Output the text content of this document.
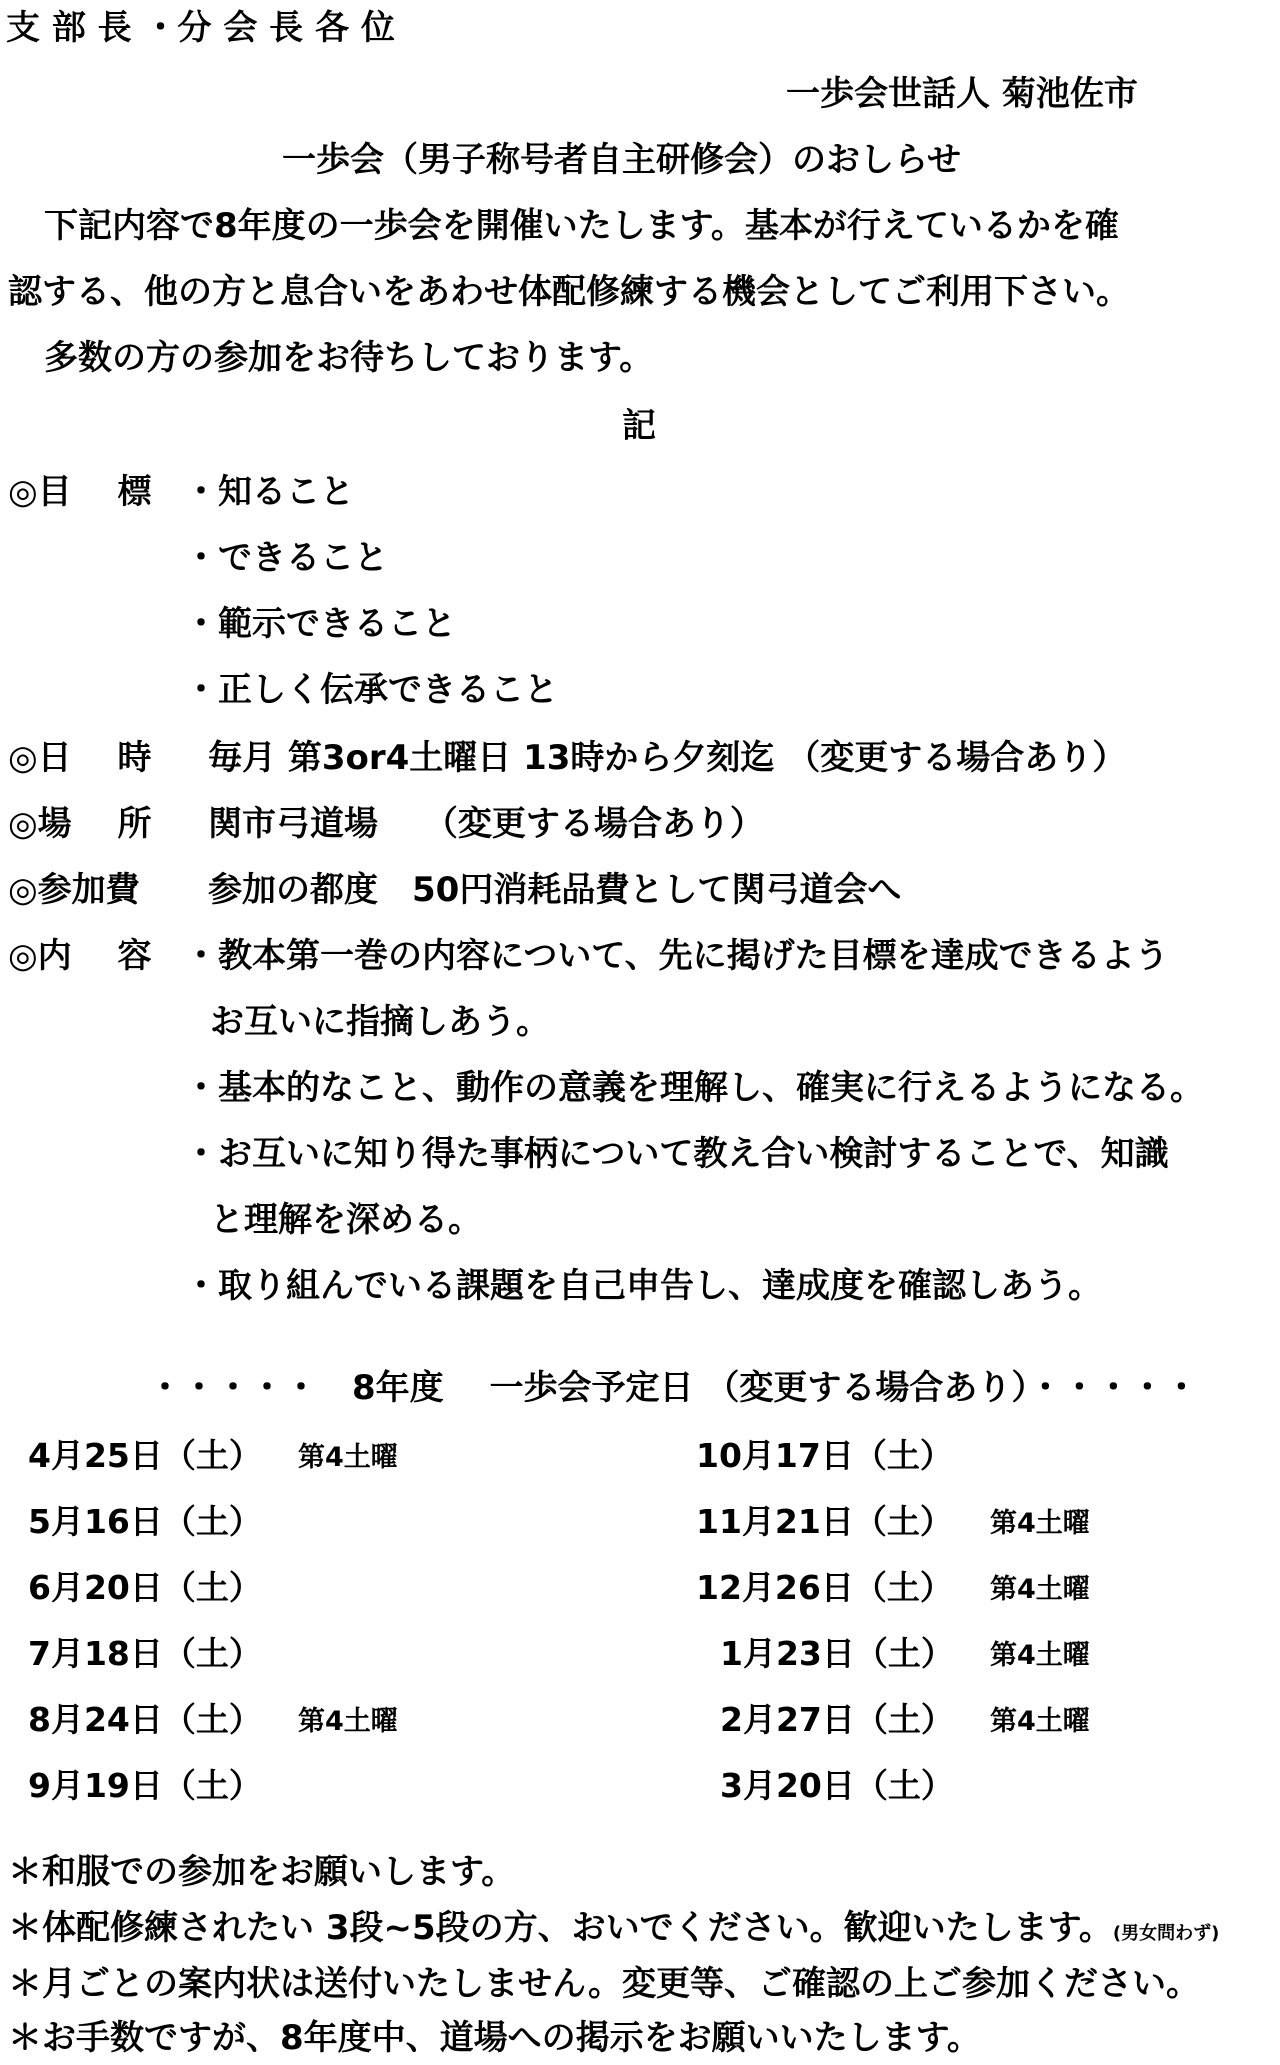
支 部 長 ・分 会 長 各 位
一歩会世話人 菊池佐市
一歩会（男子称号者自主研修会）のおしらせ
下記内容で8年度の一歩会を開催いたします。基本が行えているかを確
認する、他の方と息合いをあわせ体配修練する機会としてご利用下さい。
多数の方の参加をお待ちしております。
記
◎目　 標 ・知ること
・できること
・範示できること
・正しく伝承できること
◎日　 時 毎月 第3or4土曜日 13時から夕刻迄 （変更する場合あり）
◎場　 所 関市弓道場　 （変更する場合あり）
◎参加費 参加の都度　50円消耗品費として関弓道会へ
◎内　 容 ・教本第一巻の内容について、先に掲げた目標を達成できるよう
お互いに指摘しあう。
・基本的なこと、動作の意義を理解し、確実に行えるようになる。
・お互いに知り得た事柄について教え合い検討することで、知識
と理解を深める。
・取り組んでいる課題を自己申告し、達成度を確認しあう。
・・・・・　8年度　 一歩会予定日 （変更する場合あり）・・・・・
4月25日（土） 第4土曜
5月16日（土）
6月20日（土）
7月18日（土）
8月24日（土） 第4土曜
9月19日（土）
10月17日（土）
11月21日（土） 第4土曜
12月26日（土） 第4土曜
1月23日（土） 第4土曜
2月27日（土） 第4土曜
3月20日（土）
＊和服での参加をお願いします。
＊体配修練されたい 3段~5段の方、おいでください。歓迎いたします。(男女問わず)
＊月ごとの案内状は送付いたしません。変更等、ご確認の上ご参加ください。
＊お手数ですが、8年度中、道場への掲示をお願いいたします。
